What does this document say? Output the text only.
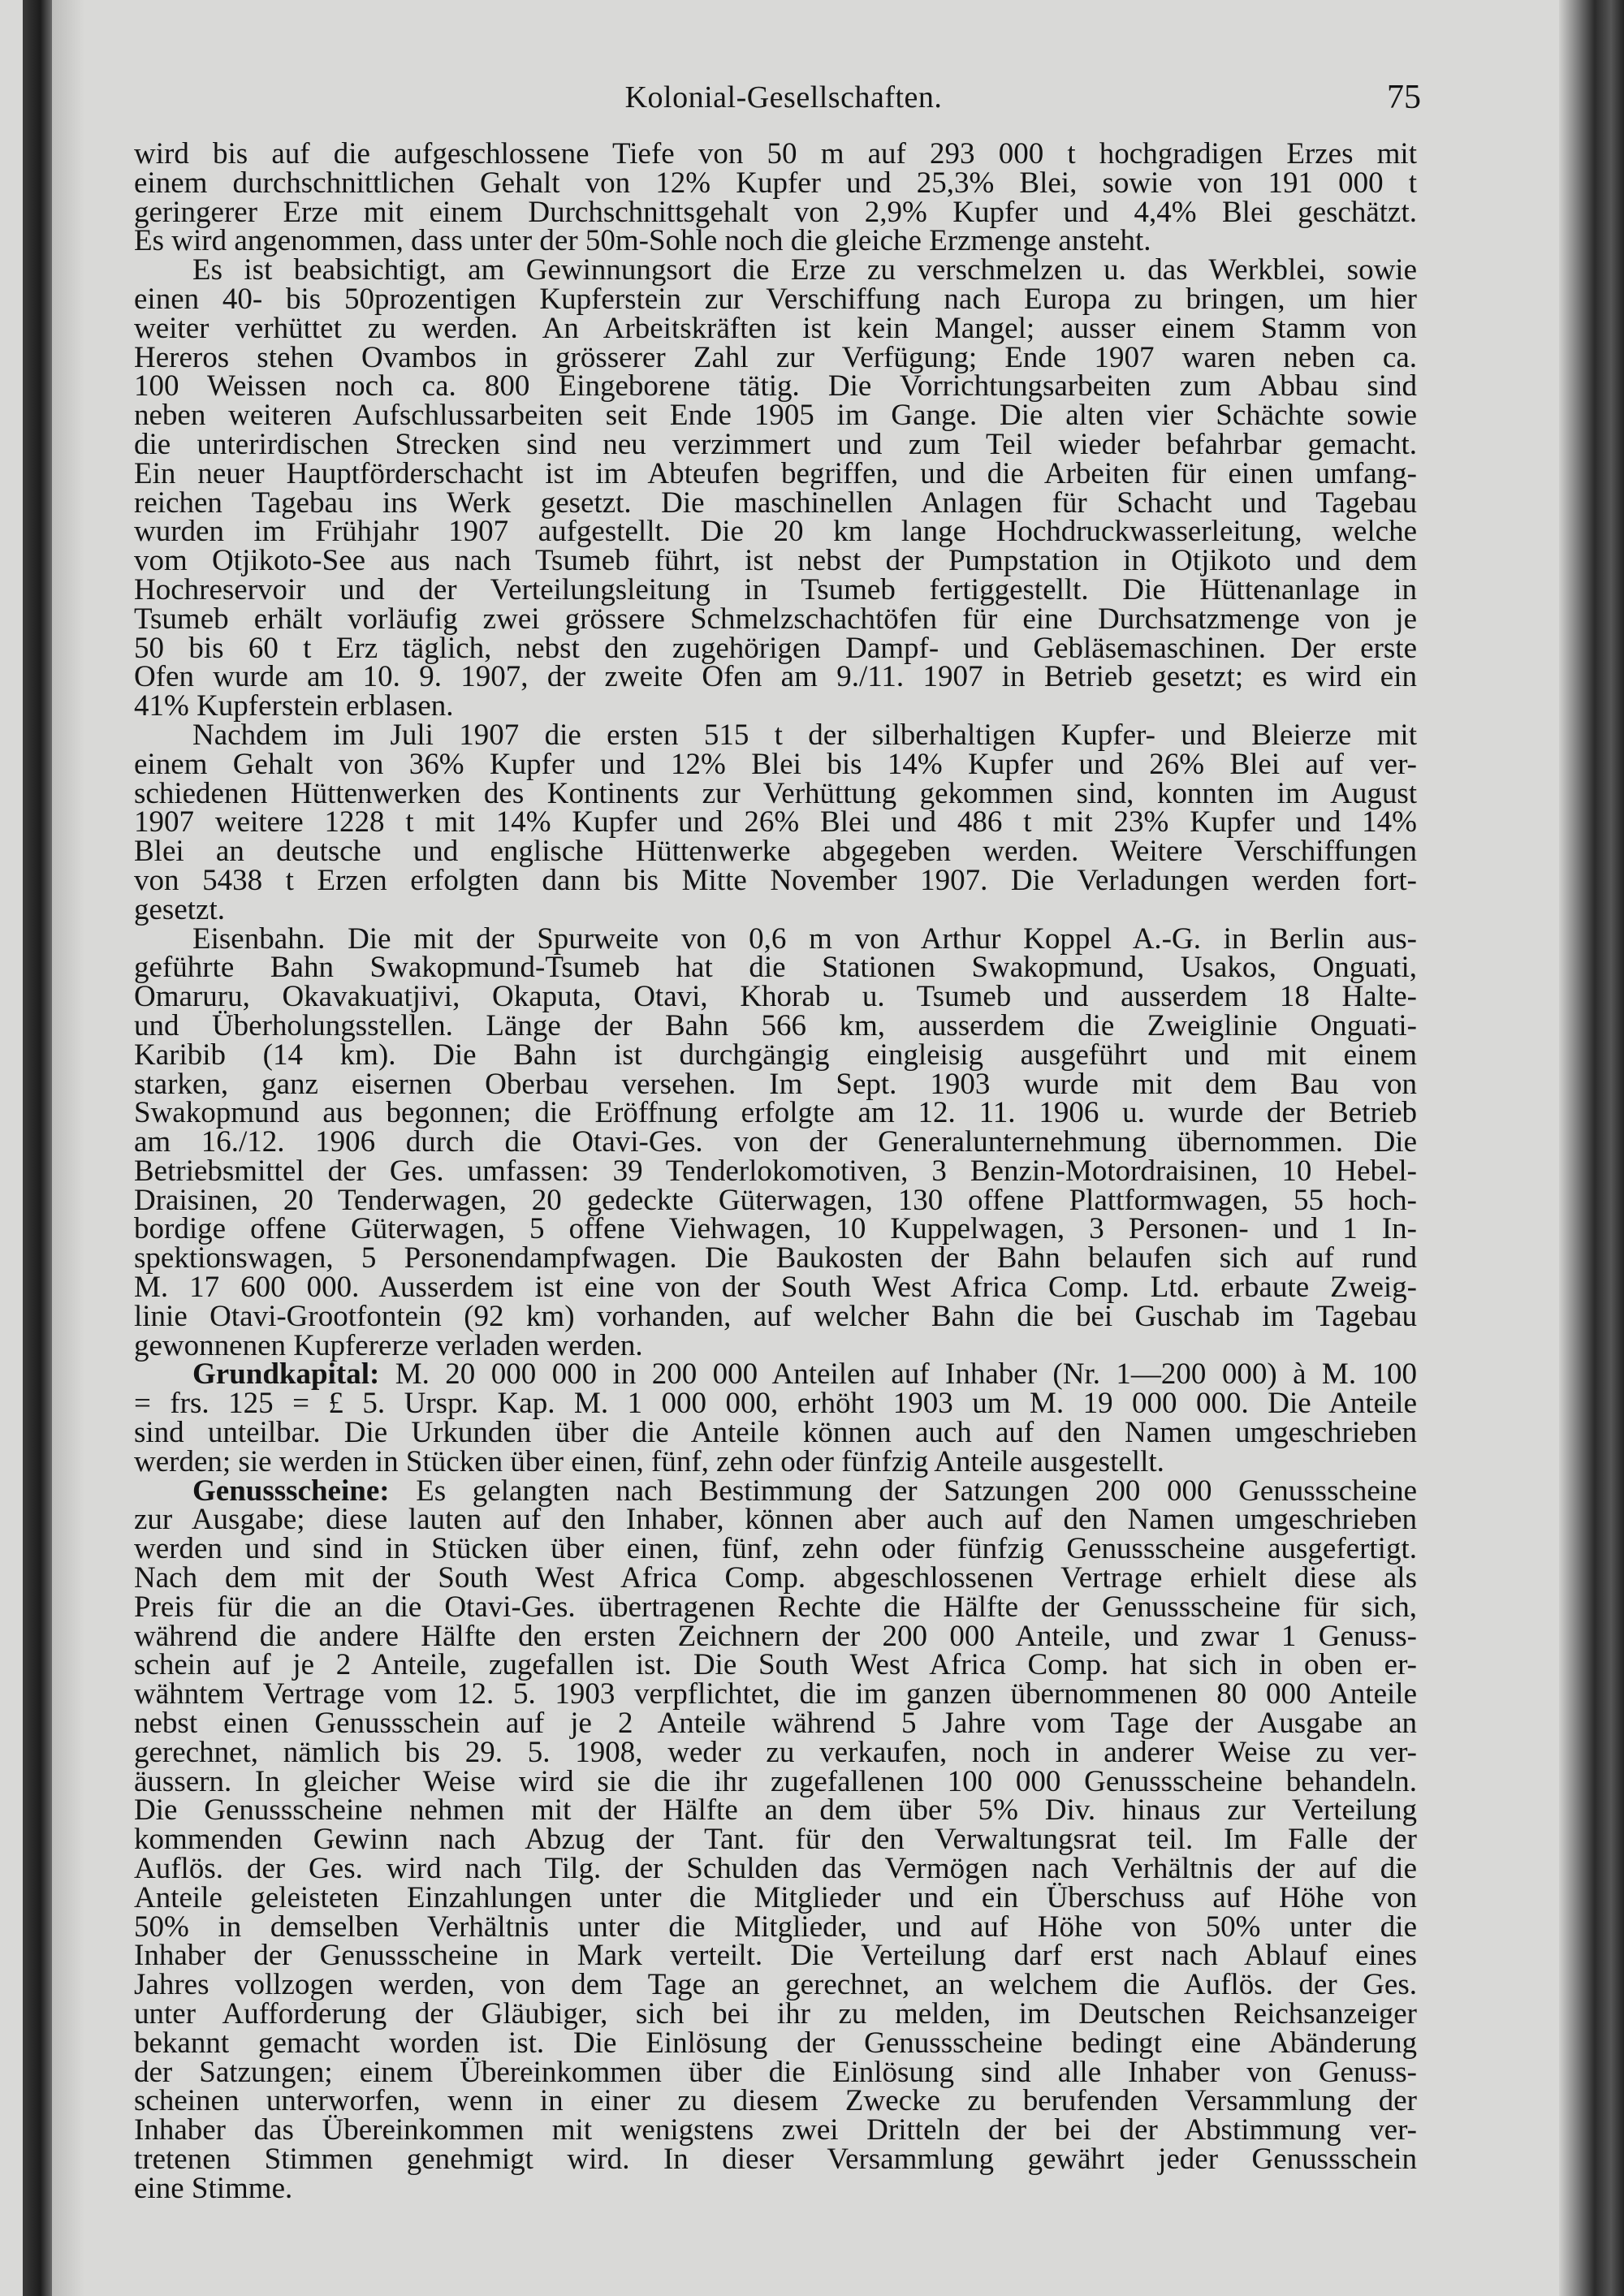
Kolonial-Gesellschaften.	75
wird bis auf die aufgeschlossene Tiefe von 50 m auf 293 000 t hochgradigen Erzes mit
einem durchschnittlichen Gehalt von 12% Kupfer und 25,3% Blei, sowie von 191 000 t
geringerer Erze mit einem Durchschnittsgehalt von 2,9% Kupfer und 4,4% Blei geschätzt.
Es wird angenommen, dass unter der 50m-Sohle noch die gleiche Erzmenge ansteht.
Es ist beabsichtigt, am Gewinnungsort die Erze zu verschmelzen u. das Werkblei, sowie
einen 40- bis 50prozentigen Kupferstein zur Verschiffung nach Europa zu bringen, um hier
weiter verhüttet zu werden. An Arbeitskräften ist kein Mangel; ausser einem Stamm von
Hereros stehen Ovambos in grösserer Zahl zur Verfügung; Ende 1907 waren neben ca.
100 Weissen noch ca. 800 Eingeborene tätig. Die Vorrichtungsarbeiten zum Abbau sind
neben weiteren Aufschlussarbeiten seit Ende 1905 im Gange. Die alten vier Schächte sowie
die unterirdischen Strecken sind neu verzimmert und zum Teil wieder befahrbar gemacht.
Ein neuer Hauptförderschacht ist im Abteufen begriffen, und die Arbeiten für einen umfang-
reichen Tagebau ins Werk gesetzt. Die maschinellen Anlagen für Schacht und Tagebau
wurden im Frühjahr 1907 aufgestellt. Die 20 km lange Hochdruckwasserleitung, welche
vom Otjikoto-See aus nach Tsumeb führt, ist nebst der Pumpstation in Otjikoto und dem
Hochreservoir und der Verteilungsleitung in Tsumeb fertiggestellt. Die Hüttenanlage in
Tsumeb erhält vorläufig zwei grössere Schmelzschachtöfen für eine Durchsatzmenge von je
50 bis 60 t Erz täglich, nebst den zugehörigen Dampf- und Gebläsemaschinen. Der erste
Ofen wurde am 10. 9. 1907, der zweite Ofen am 9./11. 1907 in Betrieb gesetzt; es wird ein
41% Kupferstein erblasen.
Nachdem im Juli 1907 die ersten 515 t der silberhaltigen Kupfer- und Bleierze mit
einem Gehalt von 36% Kupfer und 12% Blei bis 14% Kupfer und 26% Blei auf ver-
schiedenen Hüttenwerken des Kontinents zur Verhüttung gekommen sind, konnten im August
1907 weitere 1228 t mit 14% Kupfer und 26% Blei und 486 t mit 23% Kupfer und 14%
Blei an deutsche und englische Hüttenwerke abgegeben werden. Weitere Verschiffungen
von 5438 t Erzen erfolgten dann bis Mitte November 1907. Die Verladungen werden fort-
gesetzt.
Eisenbahn. Die mit der Spurweite von 0,6 m von Arthur Koppel A.-G. in Berlin aus-
geführte Bahn Swakopmund-Tsumeb hat die Stationen Swakopmund, Usakos, Onguati,
Omaruru, Okavakuatjivi, Okaputa, Otavi, Khorab u. Tsumeb und ausserdem 18 Halte-
und Überholungsstellen. Länge der Bahn 566 km, ausserdem die Zweiglinie Onguati-
Karibib (14 km). Die Bahn ist durchgängig eingleisig ausgeführt und mit einem
starken, ganz eisernen Oberbau versehen. Im Sept. 1903 wurde mit dem Bau von
Swakopmund aus begonnen; die Eröffnung erfolgte am 12. 11. 1906 u. wurde der Betrieb
am 16./12. 1906 durch die Otavi-Ges. von der Generalunternehmung übernommen. Die
Betriebsmittel der Ges. umfassen: 39 Tenderlokomotiven, 3 Benzin-Motordraisinen, 10 Hebel-
Draisinen, 20 Tenderwagen, 20 gedeckte Güterwagen, 130 offene Plattformwagen, 55 hoch-
bordige offene Güterwagen, 5 offene Viehwagen, 10 Kuppelwagen, 3 Personen- und 1 In-
spektionswagen, 5 Personendampfwagen. Die Baukosten der Bahn belaufen sich auf rund
M. 17 600 000. Ausserdem ist eine von der South West Africa Comp. Ltd. erbaute Zweig-
linie Otavi-Grootfontein (92 km) vorhanden, auf welcher Bahn die bei Guschab im Tagebau
gewonnenen Kupfererze verladen werden.
Grundkapital: M. 20 000 000 in 200 000 Anteilen auf Inhaber (Nr. 1—200 000) à M. 100
= frs. 125 = £ 5. Urspr. Kap. M. 1 000 000, erhöht 1903 um M. 19 000 000. Die Anteile
sind unteilbar. Die Urkunden über die Anteile können auch auf den Namen umgeschrieben
werden; sie werden in Stücken über einen, fünf, zehn oder fünfzig Anteile ausgestellt.
Genussscheine: Es gelangten nach Bestimmung der Satzungen 200 000 Genussscheine
zur Ausgabe; diese lauten auf den Inhaber, können aber auch auf den Namen umgeschrieben
werden und sind in Stücken über einen, fünf, zehn oder fünfzig Genussscheine ausgefertigt.
Nach dem mit der South West Africa Comp. abgeschlossenen Vertrage erhielt diese als
Preis für die an die Otavi-Ges. übertragenen Rechte die Hälfte der Genussscheine für sich,
während die andere Hälfte den ersten Zeichnern der 200 000 Anteile, und zwar 1 Genuss-
schein auf je 2 Anteile, zugefallen ist. Die South West Africa Comp. hat sich in oben er-
wähntem Vertrage vom 12. 5. 1903 verpflichtet, die im ganzen übernommenen 80 000 Anteile
nebst einen Genussschein auf je 2 Anteile während 5 Jahre vom Tage der Ausgabe an
gerechnet, nämlich bis 29. 5. 1908, weder zu verkaufen, noch in anderer Weise zu ver-
äussern. In gleicher Weise wird sie die ihr zugefallenen 100 000 Genussscheine behandeln.
Die Genussscheine nehmen mit der Hälfte an dem über 5% Div. hinaus zur Verteilung
kommenden Gewinn nach Abzug der Tant. für den Verwaltungsrat teil. Im Falle der
Auflös. der Ges. wird nach Tilg. der Schulden das Vermögen nach Verhältnis der auf die
Anteile geleisteten Einzahlungen unter die Mitglieder und ein Überschuss auf Höhe von
50% in demselben Verhältnis unter die Mitglieder, und auf Höhe von 50% unter die
Inhaber der Genussscheine in Mark verteilt. Die Verteilung darf erst nach Ablauf eines
Jahres vollzogen werden, von dem Tage an gerechnet, an welchem die Auflös. der Ges.
unter Aufforderung der Gläubiger, sich bei ihr zu melden, im Deutschen Reichsanzeiger
bekannt gemacht worden ist. Die Einlösung der Genussscheine bedingt eine Abänderung
der Satzungen; einem Übereinkommen über die Einlösung sind alle Inhaber von Genuss-
scheinen unterworfen, wenn in einer zu diesem Zwecke zu berufenden Versammlung der
Inhaber das Übereinkommen mit wenigstens zwei Dritteln der bei der Abstimmung ver-
tretenen Stimmen genehmigt wird. In dieser Versammlung gewährt jeder Genussschein
eine Stimme.
